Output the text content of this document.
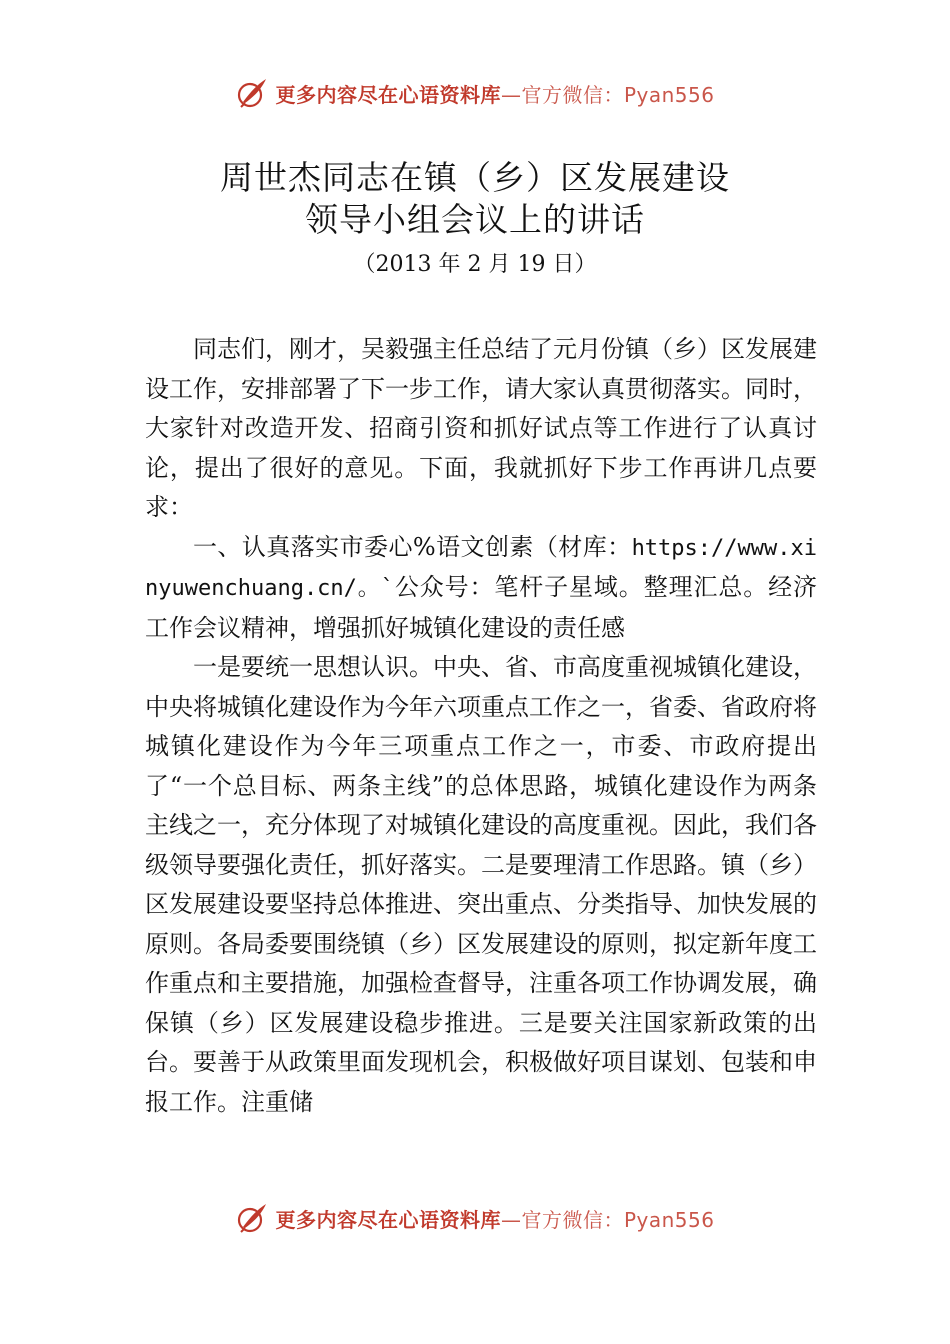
更多内容尽在心语资料库—官方微信：Pyan556
周世杰同志在镇（乡）区发展建设
领导小组会议上的讲话
（2013 年 2 月 19 日）

同志们，刚才，吴毅强主任总结了元月份镇（乡）区发展建设工作，安排部署了下一步工作，请大家认真贯彻落实。同时，大家针对改造开发、招商引资和抓好试点等工作进行了认真讨论，提出了很好的意见。下面，我就抓好下步工作再讲几点要求：

一、认真落实市委心%语文创素（材库：https://www.xinyuwenchuang.cn/。`公众号：笔杆子星域。整理汇总。经济工作会议精神，增强抓好城镇化建设的责任感

一是要统一思想认识。中央、省、市高度重视城镇化建设，中央将城镇化建设作为今年六项重点工作之一，省委、省政府将城镇化建设作为今年三项重点工作之一，市委、市政府提出了“一个总目标、两条主线”的总体思路，城镇化建设作为两条主线之一，充分体现了对城镇化建设的高度重视。因此，我们各级领导要强化责任，抓好落实。二是要理清工作思路。镇（乡）区发展建设要坚持总体推进、突出重点、分类指导、加快发展的原则。各局委要围绕镇（乡）区发展建设的原则，拟定新年度工作重点和主要措施，加强检查督导，注重各项工作协调发展，确保镇（乡）区发展建设稳步推进。三是要关注国家新政策的出台。要善于从政策里面发现机会，积极做好项目谋划、包装和申报工作。注重储

更多内容尽在心语资料库—官方微信：Pyan556
